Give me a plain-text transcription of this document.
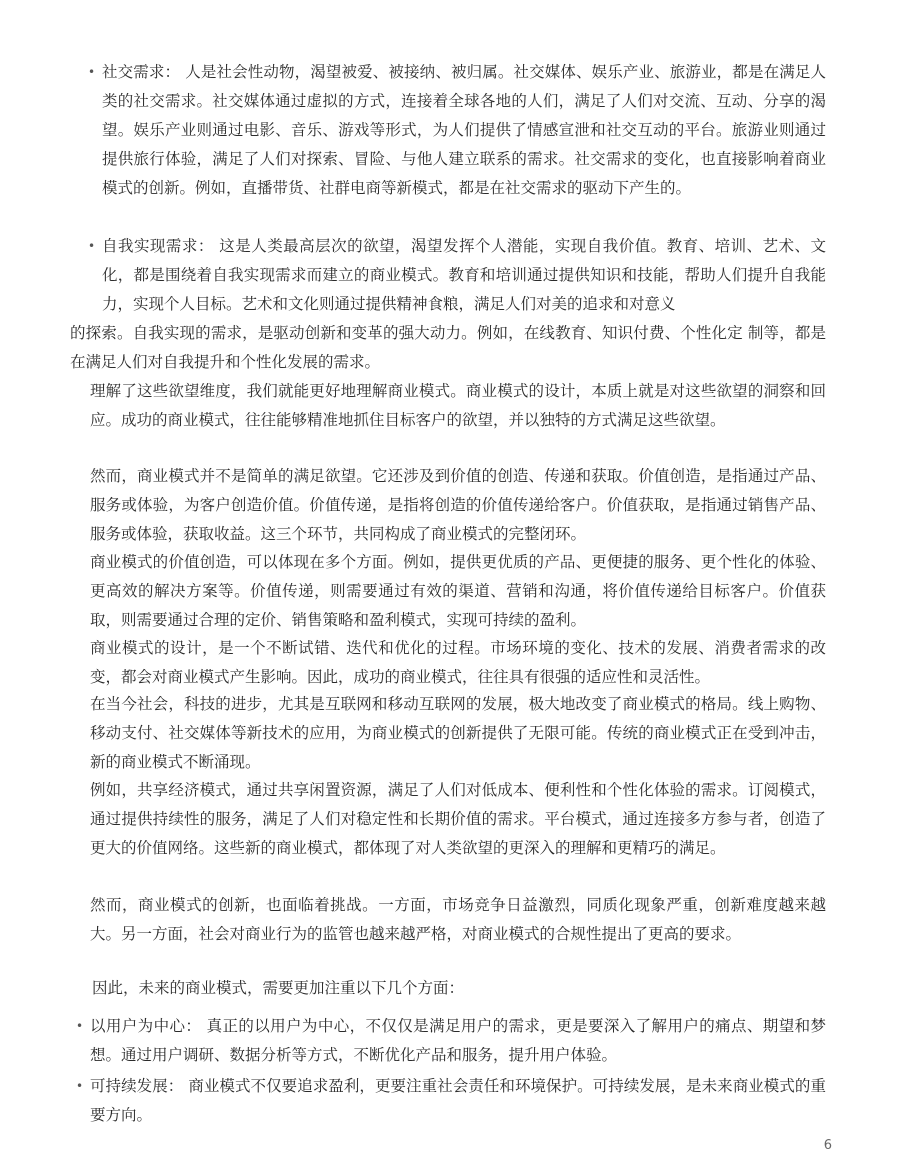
• 社交需求： 人是社会性动物，渴望被爱、被接纳、被归属。社交媒体、娱乐产业、旅游业，都是在满足人类的社交需求。社交媒体通过虚拟的方式，连接着全球各地的人们，满足了人们对交流、互动、分享的渴望。娱乐产业则通过电影、音乐、游戏等形式，为人们提供了情感宣泄和社交互动的平台。旅游业则通过提供旅行体验，满足了人们对探索、冒险、与他人建立联系的需求。社交需求的变化，也直接影响着商业模式的创新。例如，直播带货、社群电商等新模式，都是在社交需求的驱动下产生的。
• 自我实现需求： 这是人类最高层次的欲望，渴望发挥个人潜能，实现自我价值。教育、培训、艺术、文化，都是围绕着自我实现需求而建立的商业模式。教育和培训通过提供知识和技能，帮助人们提升自我能力，实现个人目标。艺术和文化则通过提供精神食粮，满足人们对美的追求和对意义
的探索。自我实现的需求，是驱动创新和变革的强大动力。例如，在线教育、知识付费、个性化定 制等，都是在满足人们对自我提升和个性化发展的需求。
理解了这些欲望维度，我们就能更好地理解商业模式。商业模式的设计，本质上就是对这些欲望的洞察和回应。成功的商业模式，往往能够精准地抓住目标客户的欲望，并以独特的方式满足这些欲望。
然而，商业模式并不是简单的满足欲望。它还涉及到价值的创造、传递和获取。价值创造，是指通过产品、服务或体验，为客户创造价值。价值传递，是指将创造的价值传递给客户。价值获取，是指通过销售产品、服务或体验，获取收益。这三个环节，共同构成了商业模式的完整闭环。
商业模式的价值创造，可以体现在多个方面。例如，提供更优质的产品、更便捷的服务、更个性化的体验、更高效的解决方案等。价值传递，则需要通过有效的渠道、营销和沟通，将价值传递给目标客户。价值获取，则需要通过合理的定价、销售策略和盈利模式，实现可持续的盈利。
商业模式的设计，是一个不断试错、迭代和优化的过程。市场环境的变化、技术的发展、消费者需求的改变，都会对商业模式产生影响。因此，成功的商业模式，往往具有很强的适应性和灵活性。
在当今社会，科技的进步，尤其是互联网和移动互联网的发展，极大地改变了商业模式的格局。线上购物、移动支付、社交媒体等新技术的应用，为商业模式的创新提供了无限可能。传统的商业模式正在受到冲击，新的商业模式不断涌现。
例如，共享经济模式，通过共享闲置资源，满足了人们对低成本、便利性和个性化体验的需求。订阅模式，通过提供持续性的服务，满足了人们对稳定性和长期价值的需求。平台模式，通过连接多方参与者，创造了更大的价值网络。这些新的商业模式，都体现了对人类欲望的更深入的理解和更精巧的满足。
然而，商业模式的创新，也面临着挑战。一方面，市场竞争日益激烈，同质化现象严重，创新难度越来越大。另一方面，社会对商业行为的监管也越来越严格，对商业模式的合规性提出了更高的要求。
因此，未来的商业模式，需要更加注重以下几个方面：
• 以用户为中心： 真正的以用户为中心，不仅仅是满足用户的需求，更是要深入了解用户的痛点、期望和梦想。通过用户调研、数据分析等方式，不断优化产品和服务，提升用户体验。
• 可持续发展： 商业模式不仅要追求盈利，更要注重社会责任和环境保护。可持续发展，是未来商业模式的重要方向。
6
